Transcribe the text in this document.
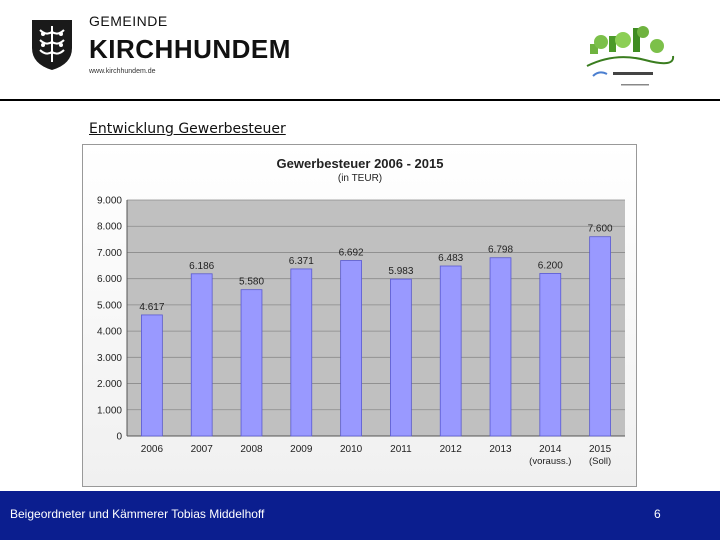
GEMEINDE
KIRCHHUNDEM
www.kirchhundem.de
Entwicklung Gewerbesteuer
Gewerbesteuer 2006 - 2015
(in TEUR)
0
1.000
2.000
3.000
4.000
5.000
6.000
7.000
8.000
9.000
4.617
2006
6.186
2007
5.580
2008
6.371
2009
6.692
2010
5.983
2011
6.483
2012
6.798
2013
6.200
2014
(vorauss.)
7.600
2015
(Soll)
Beigeordneter und Kämmerer Tobias Middelhoff	6
